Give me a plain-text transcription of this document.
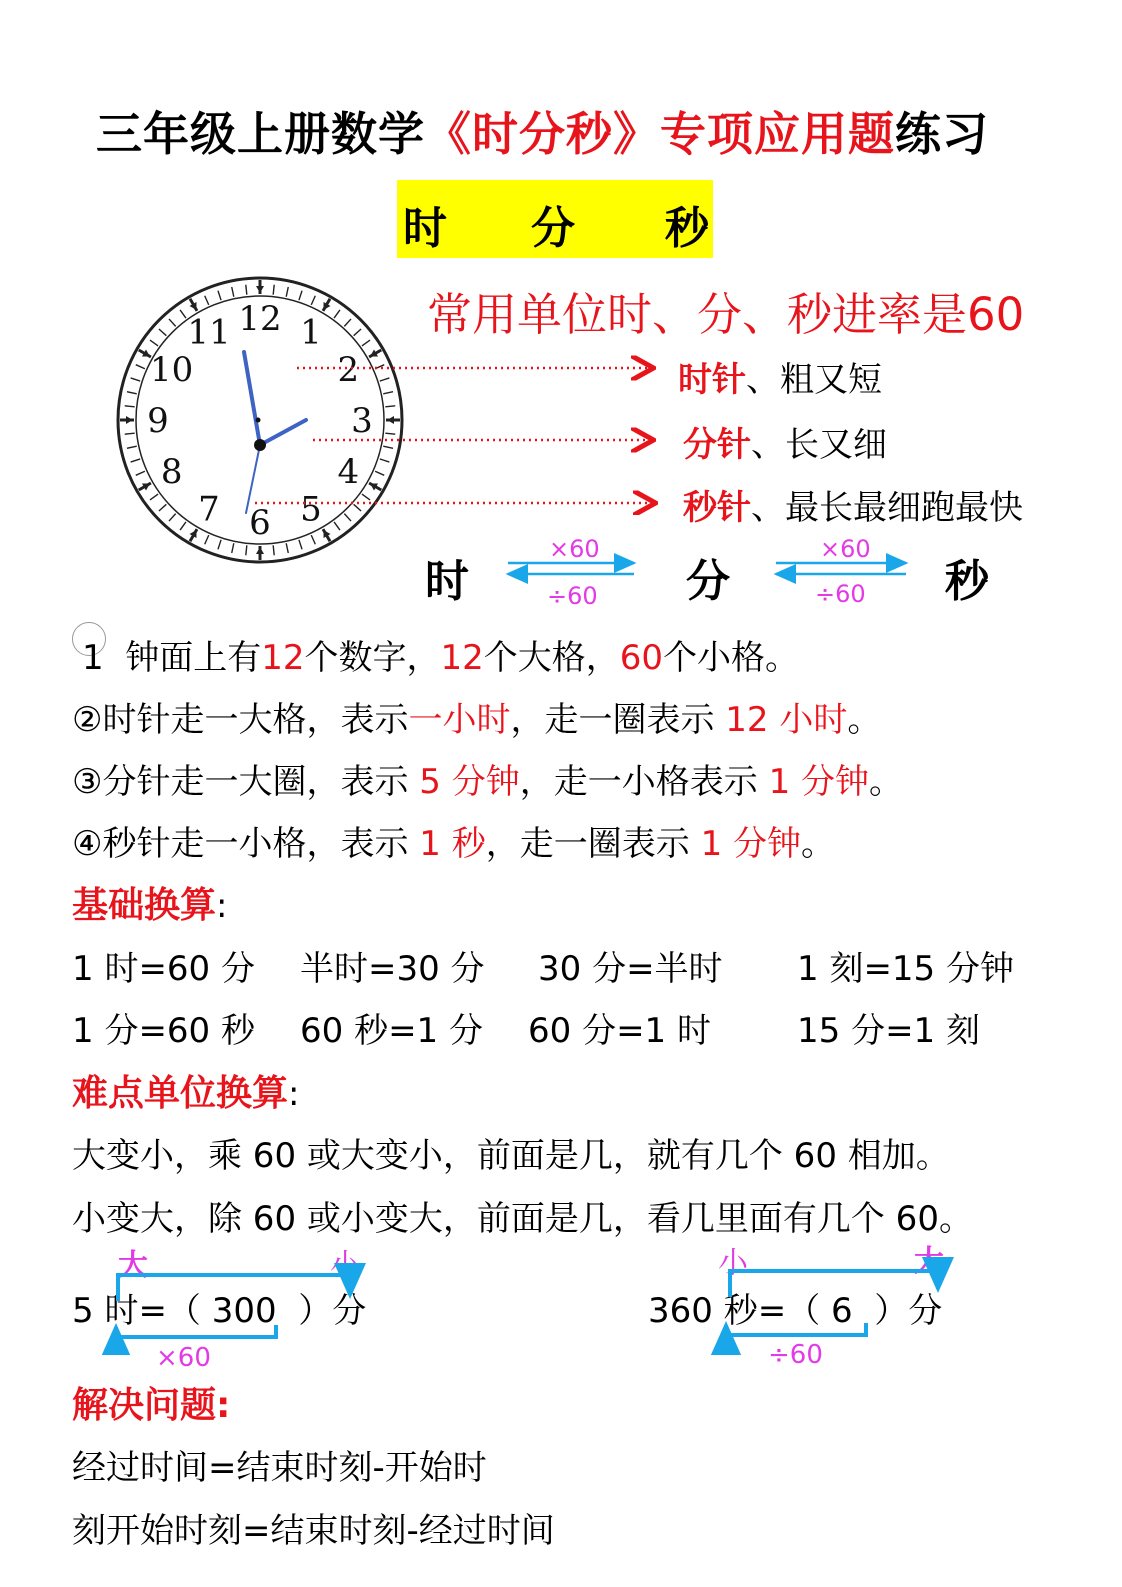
三年级上册数学《时分秒》专项应用题练习
时 分 秒
常用单位时、分、秒进率是60
12 1
2
3
4
5
6
7
8
9
10
11
时针、粗又短
分针、长又细
秒针、最长最细跑最快
时	分	秒
×60
÷60
×60
÷60
1 钟面上有12个数字，12个大格，60个小格。
②时针走一大格，表示一小时，走一圈表示 12 小时。
③分针走一大圈，表示 5 分钟，走一小格表示 1 分钟。
④秒针走一小格，表示 1 秒，走一圈表示 1 分钟。
基础换算:
1 时=60 分 半时=30 分 30 分=半时 1 刻=15 分钟
1 分=60 秒 60 秒=1 分 60 分=1 时	15 分=1 刻
难点单位换算:
大变小，乘 60 或大变小，前面是几，就有几个 60 相加。
小变大，除 60 或小变大，前面是几，看几里面有几个 60。
大	小
5 时=（ 300 ）分
×60
小	大
360 秒=（ 6 ）分
÷60
解决问题:
经过时间=结束时刻-开始时
刻开始时刻=结束时刻-经过时间
